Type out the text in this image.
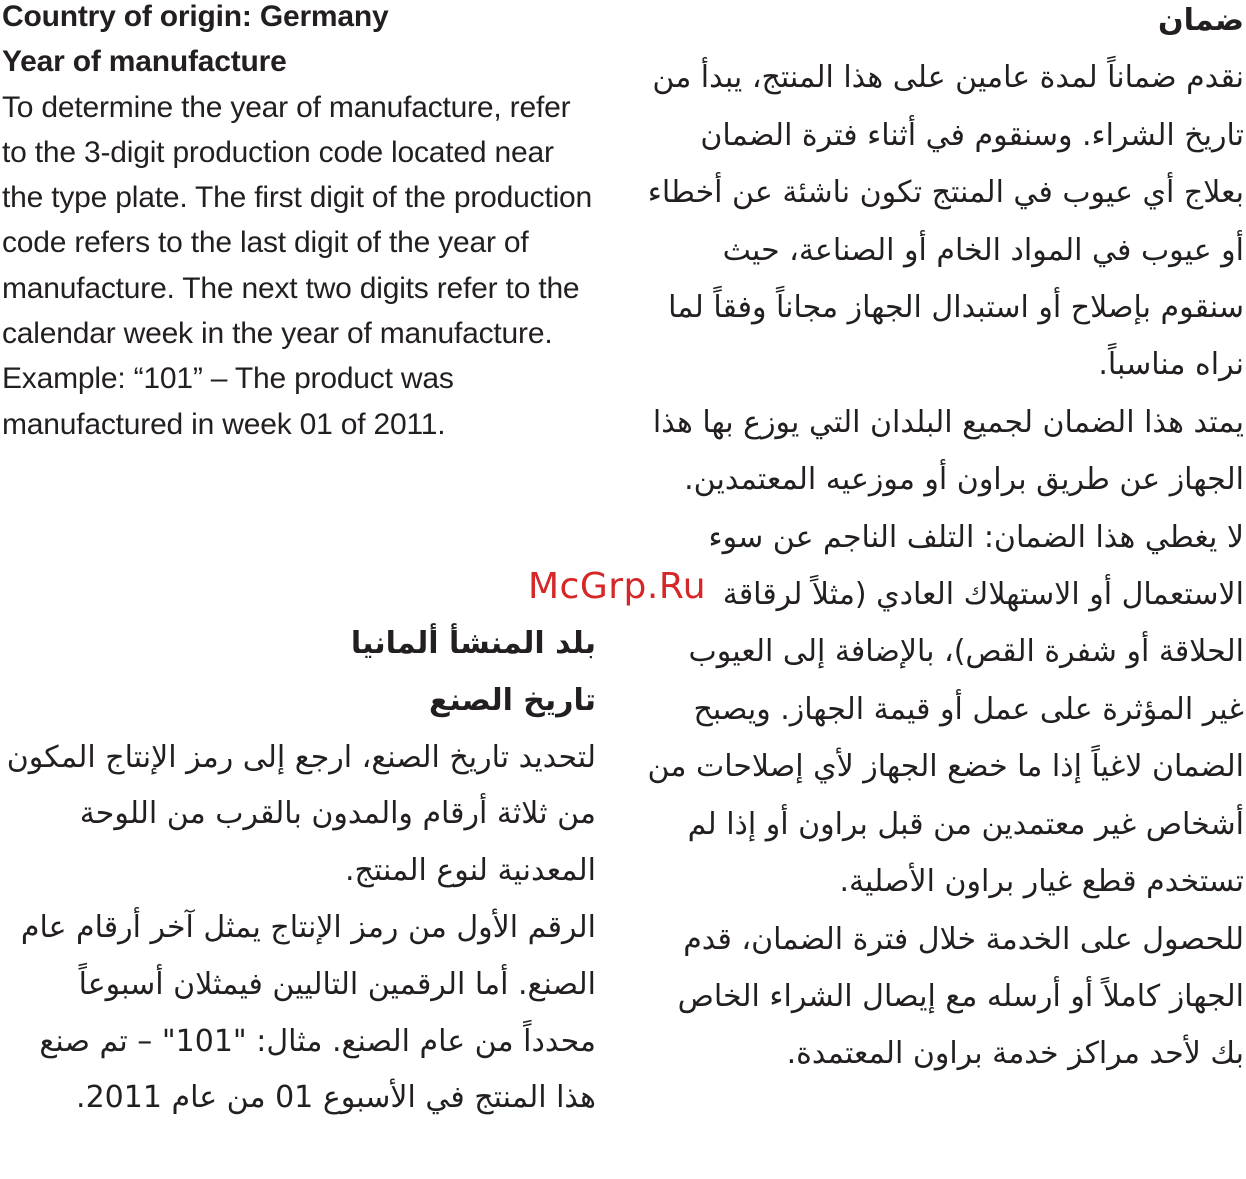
Country of origin: Germany
Year of manufacture

To determine the year of manufacture, refer to the 3-digit production code located near the type plate. The first digit of the production code refers to the last digit of the year of manufacture. The next two digits refer to the calendar week in the year of manufacture. Example: “101” – The product was manufactured in week 01 of 2011.

ضمان

نقدم ضماناً لمدة عامين على هذا المنتج، يبدأ من تاريخ الشراء. وسنقوم في أثناء فترة الضمان بعلاج أي عيوب في المنتج تكون ناشئة عن أخطاء أو عيوب في المواد الخام أو الصناعة، حيث سنقوم بإصلاح أو استبدال الجهاز مجاناً وفقاً لما نراه مناسباً.

يمتد هذا الضمان لجميع البلدان التي يوزع بها هذا الجهاز عن طريق براون أو موزعيه المعتمدين.

لا يغطي هذا الضمان: التلف الناجم عن سوء الاستعمال أو الاستهلاك العادي (مثلاً لرقاقة الحلاقة أو شفرة القص)، بالإضافة إلى العيوب غير المؤثرة على عمل أو قيمة الجهاز. ويصبح الضمان لاغياً إذا ما خضع الجهاز لأي إصلاحات من أشخاص غير معتمدين من قبل براون أو إذا لم تستخدم قطع غيار براون الأصلية.

للحصول على الخدمة خلال فترة الضمان، قدم الجهاز كاملاً أو أرسله مع إيصال الشراء الخاص بك لأحد مراكز خدمة براون المعتمدة.

بلد المنشأ ألمانيا
تاريخ الصنع

لتحديد تاريخ الصنع، ارجع إلى رمز الإنتاج المكون من ثلاثة أرقام والمدون بالقرب من اللوحة المعدنية لنوع المنتج.

الرقم الأول من رمز الإنتاج يمثل آخر أرقام عام الصنع. أما الرقمين التاليين فيمثلان أسبوعاً محدداً من عام الصنع. مثال: "101" – تم صنع هذا المنتج في الأسبوع 01 من عام 2011.

McGrp.Ru
